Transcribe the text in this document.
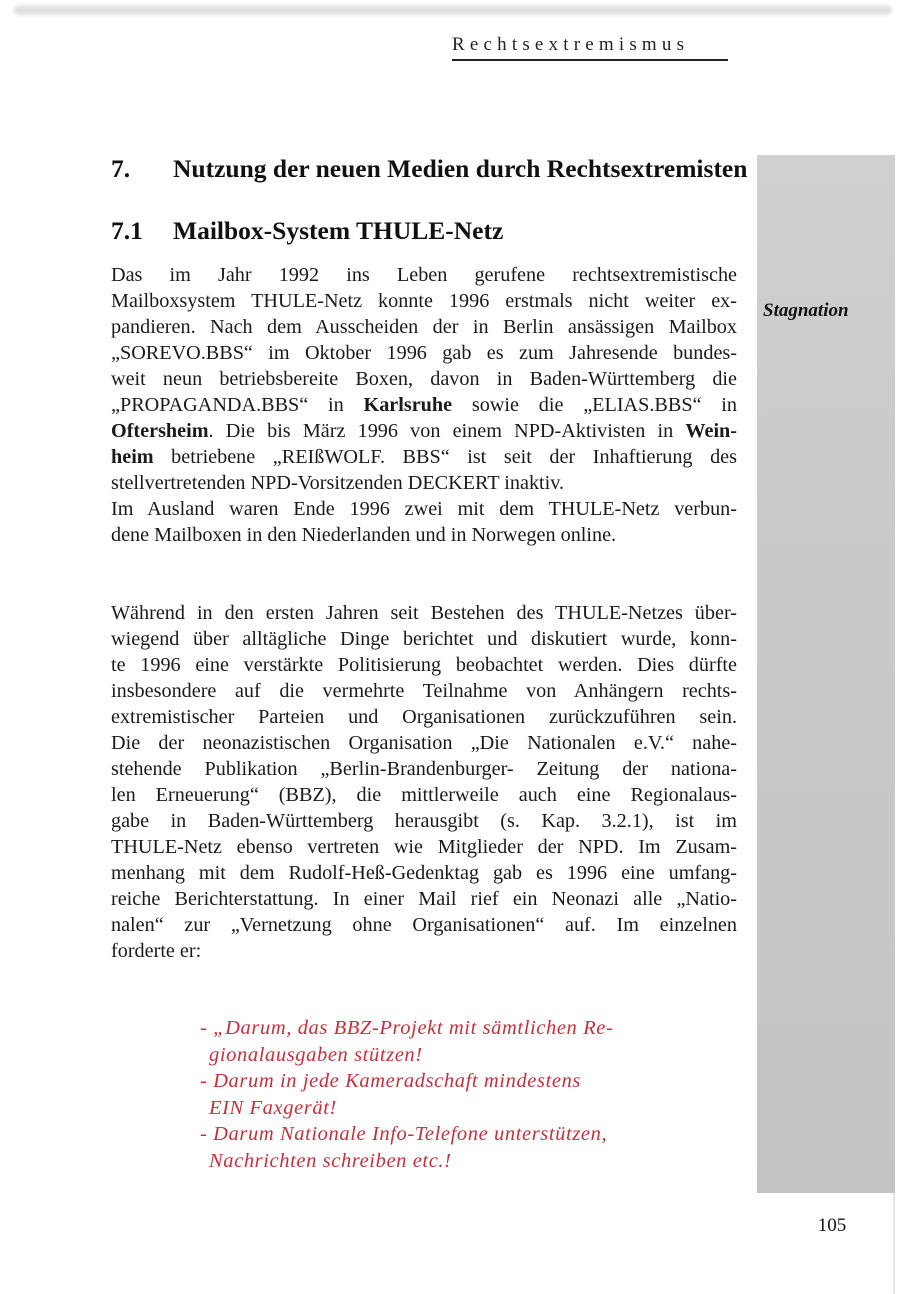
Rechtsextremismus
Stagnation
7. Nutzung der neuen Medien durch Rechtsextremisten
7.1 Mailbox-System THULE-Netz
Das im Jahr 1992 ins Leben gerufene rechtsextremistische
Mailboxsystem THULE-Netz konnte 1996 erstmals nicht weiter ex-
pandieren. Nach dem Ausscheiden der in Berlin ansässigen Mailbox
„SOREVO.BBS“ im Oktober 1996 gab es zum Jahresende bundes-
weit neun betriebsbereite Boxen, davon in Baden-Württemberg die
„PROPAGANDA.BBS“ in Karlsruhe sowie die „ELIAS.BBS“ in
Oftersheim. Die bis März 1996 von einem NPD-Aktivisten in Wein-
heim betriebene „REIßWOLF. BBS“ ist seit der Inhaftierung des
stellvertretenden NPD-Vorsitzenden DECKERT inaktiv.
Im Ausland waren Ende 1996 zwei mit dem THULE-Netz verbun-
dene Mailboxen in den Niederlanden und in Norwegen online.
Während in den ersten Jahren seit Bestehen des THULE-Netzes über-
wiegend über alltägliche Dinge berichtet und diskutiert wurde, konn-
te 1996 eine verstärkte Politisierung beobachtet werden. Dies dürfte
insbesondere auf die vermehrte Teilnahme von Anhängern rechts-
extremistischer Parteien und Organisationen zurückzuführen sein.
Die der neonazistischen Organisation „Die Nationalen e.V.“ nahe-
stehende Publikation „Berlin-Brandenburger- Zeitung der nationa-
len Erneuerung“ (BBZ), die mittlerweile auch eine Regionalaus-
gabe in Baden-Württemberg herausgibt (s. Kap. 3.2.1), ist im
THULE-Netz ebenso vertreten wie Mitglieder der NPD. Im Zusam-
menhang mit dem Rudolf-Heß-Gedenktag gab es 1996 eine umfang-
reiche Berichterstattung. In einer Mail rief ein Neonazi alle „Natio-
nalen“ zur „Vernetzung ohne Organisationen“ auf. Im einzelnen
forderte er:
- „Darum, das BBZ-Projekt mit sämtlichen Re-
gionalausgaben stützen!
- Darum in jede Kameradschaft mindestens
EIN Faxgerät!
- Darum Nationale Info-Telefone unterstützen,
Nachrichten schreiben etc.!
105
